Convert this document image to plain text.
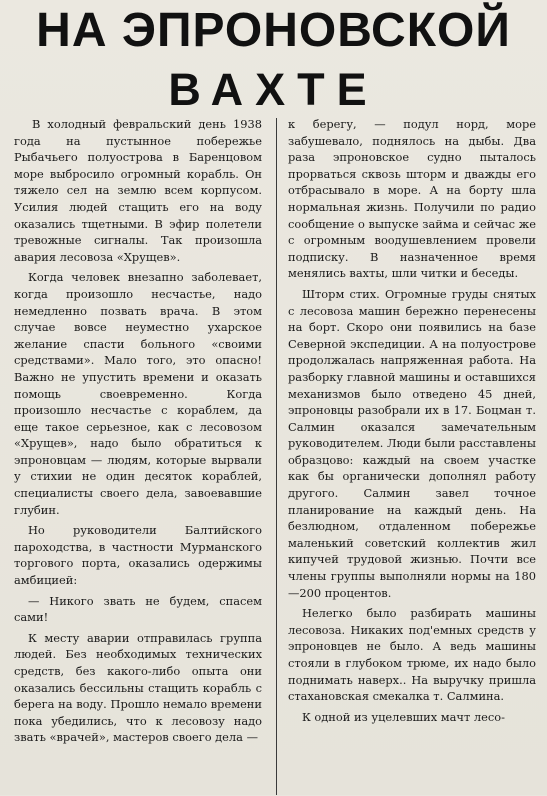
НА ЭПРОНОВСКОЙ
ВАХТЕ

В холодный февральский день 1938 года на пустынное побережье Рыбачьего полуострова в Баренцовом море выбросило огромный корабль. Он тяжело сел на землю всем корпусом. Усилия людей стащить его на воду оказались тщетными. В эфир полетели тревожные сигналы. Так произошла авария лесовоза «Хрущев».

Когда человек внезапно заболевает, когда произошло несчастье, надо немедленно позвать врача. В этом случае вовсе неуместно ухарское желание спасти больного «своими средствами». Мало того, это опасно! Важно не упустить времени и оказать помощь своевременно. Когда произошло несчастье с кораблем, да еще такое серьезное, как с лесовозом «Хрущев», надо было обратиться к эпроновцам — людям, которые вырвали у стихии не один десяток кораблей, специалисты своего дела, завоевавшие глубин.

Но руководители Балтийского пароходства, в частности Мурманского торгового порта, оказались одержимы амбицией:

— Никого звать не будем, спасем сами!

К месту аварии отправилась группа людей. Без необходимых технических средств, без какого-либо опыта они оказались бессильны стащить корабль с берега на воду. Прошло немало времени пока убедились, что к лесовозу надо звать «врачей», мастеров своего дела —

к берегу, — подул норд, море забушевало, поднялось на дыбы. Два раза эпроновское судно пыталось прорваться сквозь шторм и дважды его отбрасывало в море. А на борту шла нормальная жизнь. Получили по радио сообщение о выпуске займа и сейчас же с огромным воодушевлением провели подписку. В назначенное время менялись вахты, шли читки и беседы.

Шторм стих. Огромные груды снятых с лесовоза машин бережно перенесены на борт. Скоро они появились на базе Северной экспедиции. А на полуострове продолжалась напряженная работа. На разборку главной машины и оставшихся механизмов было отведено 45 дней, эпроновцы разобрали их в 17. Боцман т. Салмин оказался замечательным руководителем. Люди были расставлены образцово: каждый на своем участке как бы органически дополнял работу другого. Салмин завел точное планирование на каждый день. На безлюдном, отдаленном побережье маленький советский коллектив жил кипучей трудовой жизнью. Почти все члены группы выполняли нормы на 180—200 процентов.

Нелегко было разбирать машины лесовоза. Никаких под'емных средств у эпроновцев не было. А ведь машины стояли в глубоком трюме, их надо было поднимать наверх.. На выручку пришла стахановская смекалка т. Салмина.

К одной из уцелевших мачт лесо-
